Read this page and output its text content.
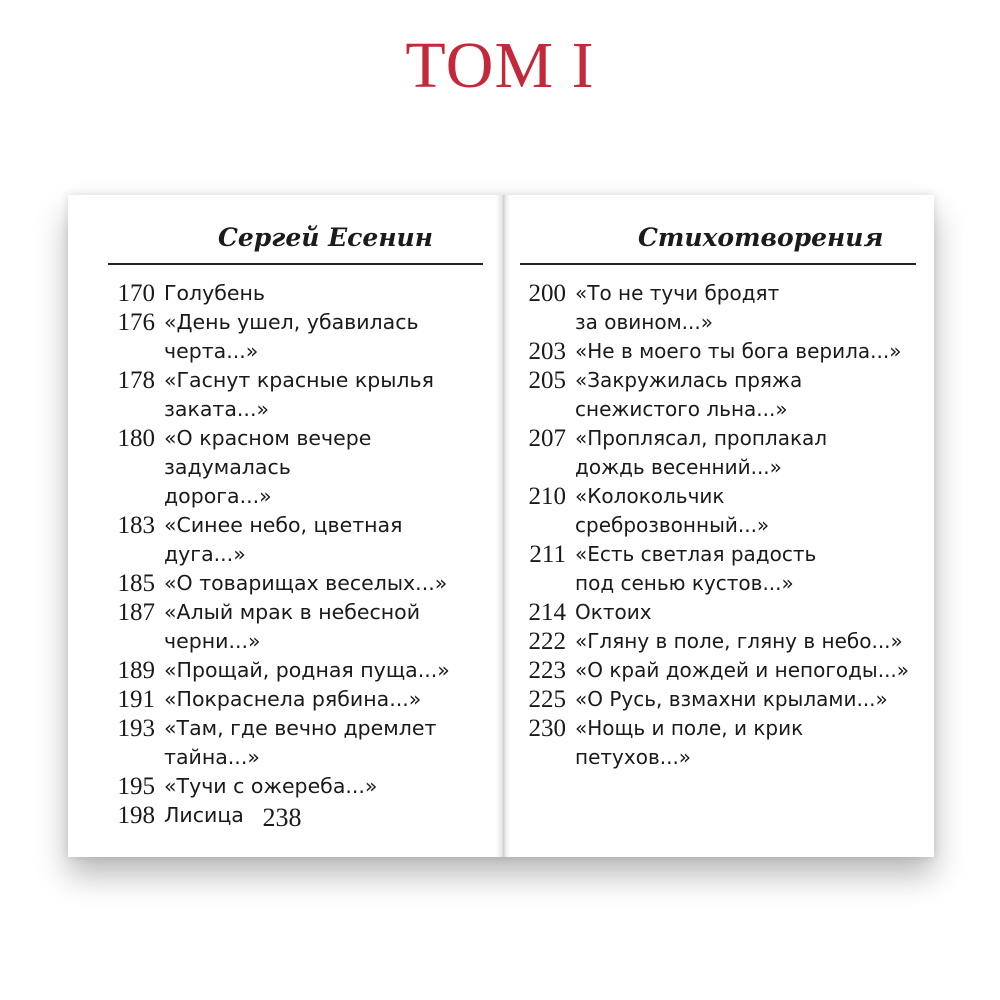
ТОМ I
Сергей Есенин
170 Голубень
176 «День ушел, убавилась
черта...»
178 «Гаснут красные крылья
заката...»
180 «О красном вечере задумалась
дорога...»
183 «Синее небо, цветная дуга...»
185 «О товарищах веселых...»
187 «Алый мрак в небесной
черни...»
189 «Прощай, родная пуща...»
191 «Покраснела рябина...»
193 «Там, где вечно дремлет
тайна...»
195 «Тучи с ожереба...»
198 Лисица 238
Стихотворения
200 «То не тучи бродят
за овином...»
203 «Не в моего ты бога верила...»
205 «Закружилась пряжа
снежистого льна...»
207 «Проплясал, проплакал
дождь весенний...»
210 «Колокольчик
среброзвонный...»
211 «Есть светлая радость
под сенью кустов...»
214 Октоих
222 «Гляну в поле, гляну в небо...»
223 «О край дождей и непогоды...»
225 «О Русь, взмахни крылами...»
230 «Нощь и поле, и крик
петухов...»
